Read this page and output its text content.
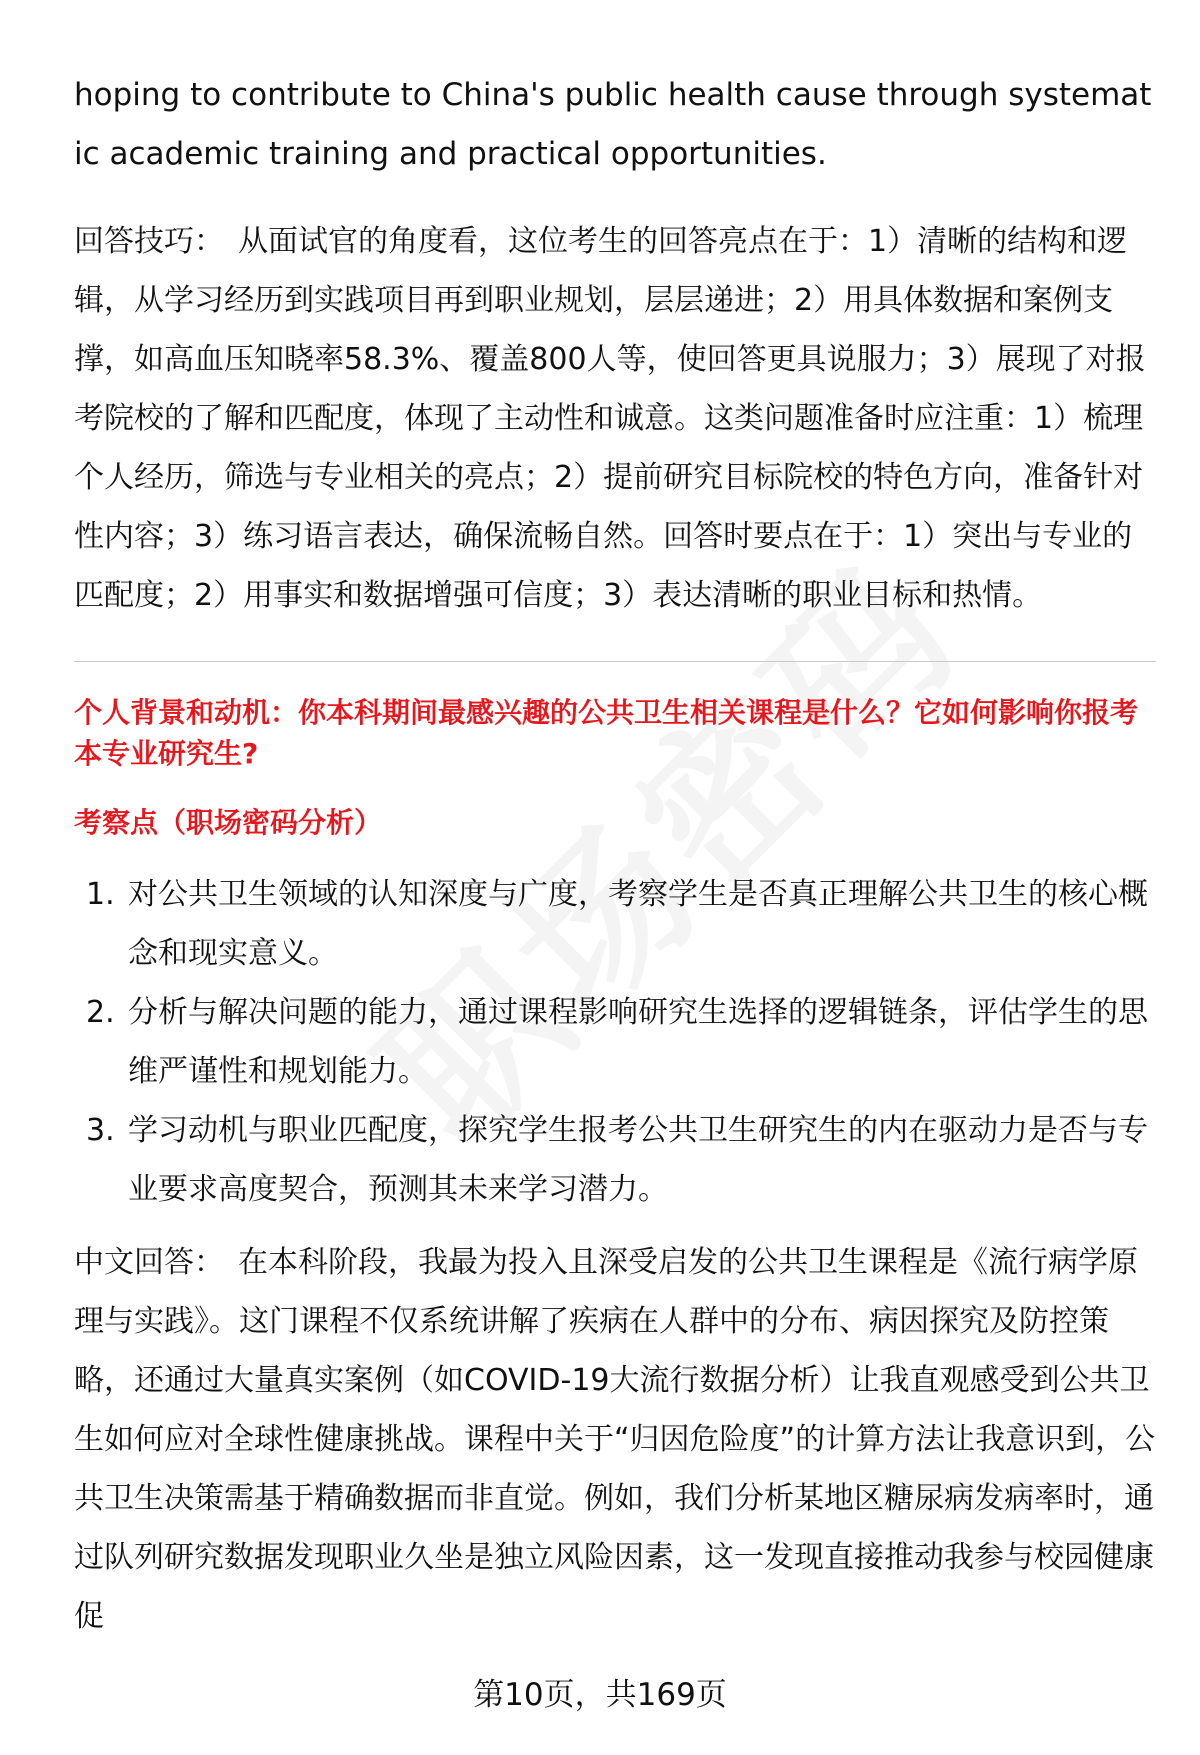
hoping to contribute to China's public health cause through systematic academic training and practical opportunities.

回答技巧： 从面试官的角度看，这位考生的回答亮点在于：1）清晰的结构和逻辑，从学习经历到实践项目再到职业规划，层层递进；2）用具体数据和案例支撑，如高血压知晓率58.3%、覆盖800人等，使回答更具说服力；3）展现了对报考院校的了解和匹配度，体现了主动性和诚意。这类问题准备时应注重：1）梳理个人经历，筛选与专业相关的亮点；2）提前研究目标院校的特色方向，准备针对性内容；3）练习语言表达，确保流畅自然。回答时要点在于：1）突出与专业的匹配度；2）用事实和数据增强可信度；3）表达清晰的职业目标和热情。

个人背景和动机：你本科期间最感兴趣的公共卫生相关课程是什么？它如何影响你报考本专业研究生?

考察点（职场密码分析）

1. 对公共卫生领域的认知深度与广度，考察学生是否真正理解公共卫生的核心概念和现实意义。
2. 分析与解决问题的能力，通过课程影响研究生选择的逻辑链条，评估学生的思维严谨性和规划能力。
3. 学习动机与职业匹配度，探究学生报考公共卫生研究生的内在驱动力是否与专业要求高度契合，预测其未来学习潜力。

中文回答： 在本科阶段，我最为投入且深受启发的公共卫生课程是《流行病学原理与实践》。这门课程不仅系统讲解了疾病在人群中的分布、病因探究及防控策略，还通过大量真实案例（如COVID-19大流行数据分析）让我直观感受到公共卫生如何应对全球性健康挑战。课程中关于“归因危险度”的计算方法让我意识到，公共卫生决策需基于精确数据而非直觉。例如，我们分析某地区糖尿病发病率时，通过队列研究数据发现职业久坐是独立风险因素，这一发现直接推动我参与校园健康促

第10页，共169页
